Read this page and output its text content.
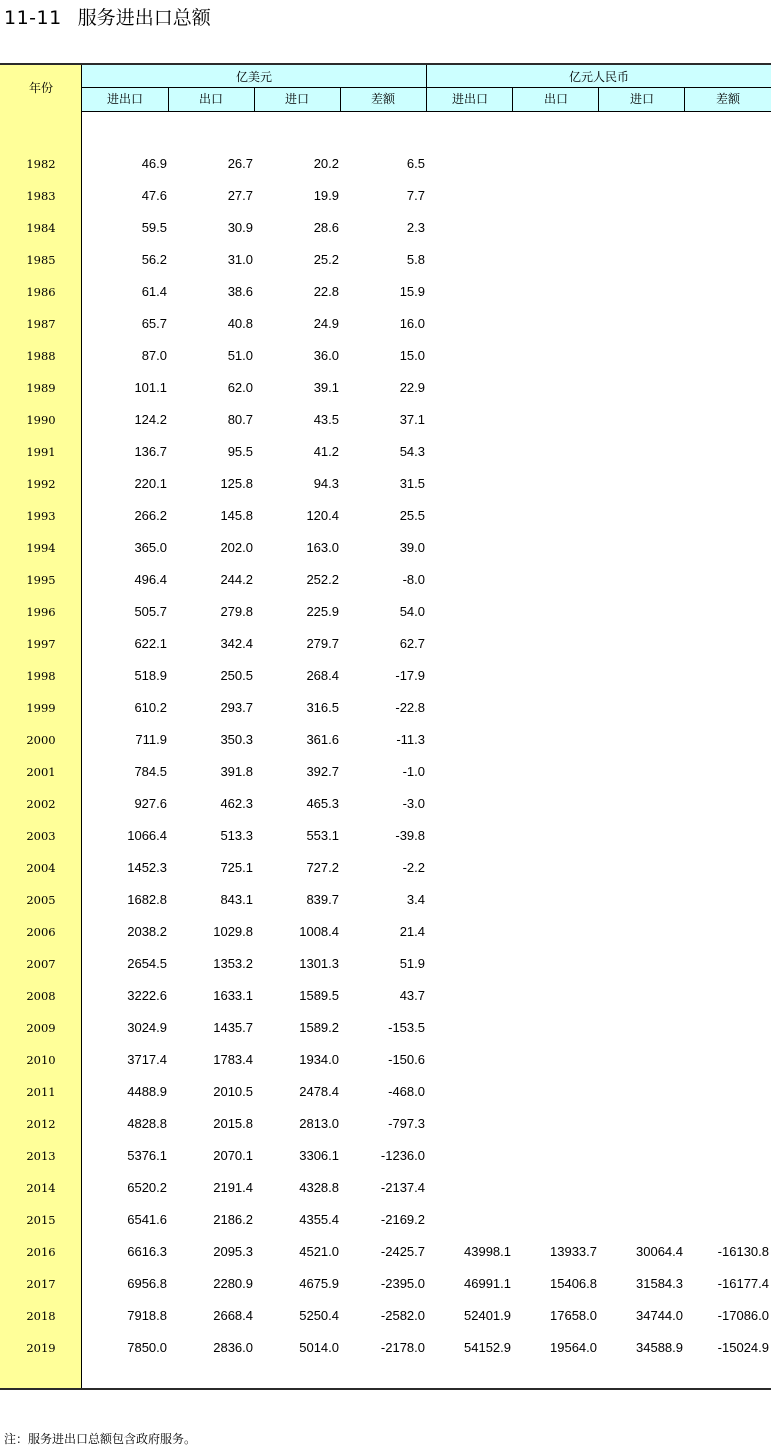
11-11 服务进出口总额
年份
亿美元	亿元人民币
进出口	出口	进口	差额	进出口	出口	进口	差额
1982	46.9	26.7	20.2	6.5
1983	47.6	27.7	19.9	7.7
1984	59.5	30.9	28.6	2.3
1985	56.2	31.0	25.2	5.8
1986	61.4	38.6	22.8	15.9
1987	65.7	40.8	24.9	16.0
1988	87.0	51.0	36.0	15.0
1989	101.1	62.0	39.1	22.9
1990	124.2	80.7	43.5	37.1
1991	136.7	95.5	41.2	54.3
1992	220.1	125.8	94.3	31.5
1993	266.2	145.8	120.4	25.5
1994	365.0	202.0	163.0	39.0
1995	496.4	244.2	252.2	-8.0
1996	505.7	279.8	225.9	54.0
1997	622.1	342.4	279.7	62.7
1998	518.9	250.5	268.4	-17.9
1999	610.2	293.7	316.5	-22.8
2000	711.9	350.3	361.6	-11.3
2001	784.5	391.8	392.7	-1.0
2002	927.6	462.3	465.3	-3.0
2003	1066.4	513.3	553.1	-39.8
2004	1452.3	725.1	727.2	-2.2
2005	1682.8	843.1	839.7	3.4
2006	2038.2	1029.8	1008.4	21.4
2007	2654.5	1353.2	1301.3	51.9
2008	3222.6	1633.1	1589.5	43.7
2009	3024.9	1435.7	1589.2	-153.5
2010	3717.4	1783.4	1934.0	-150.6
2011	4488.9	2010.5	2478.4	-468.0
2012	4828.8	2015.8	2813.0	-797.3
2013	5376.1	2070.1	3306.1	-1236.0
2014	6520.2	2191.4	4328.8	-2137.4
2015	6541.6	2186.2	4355.4	-2169.2
2016	6616.3	2095.3	4521.0	-2425.7	43998.1	13933.7	30064.4	-16130.8
2017	6956.8	2280.9	4675.9	-2395.0	46991.1	15406.8	31584.3	-16177.4
2018	7918.8	2668.4	5250.4	-2582.0	52401.9	17658.0	34744.0	-17086.0
2019	7850.0	2836.0	5014.0	-2178.0	54152.9	19564.0	34588.9	-15024.9
注：服务进出口总额包含政府服务。
